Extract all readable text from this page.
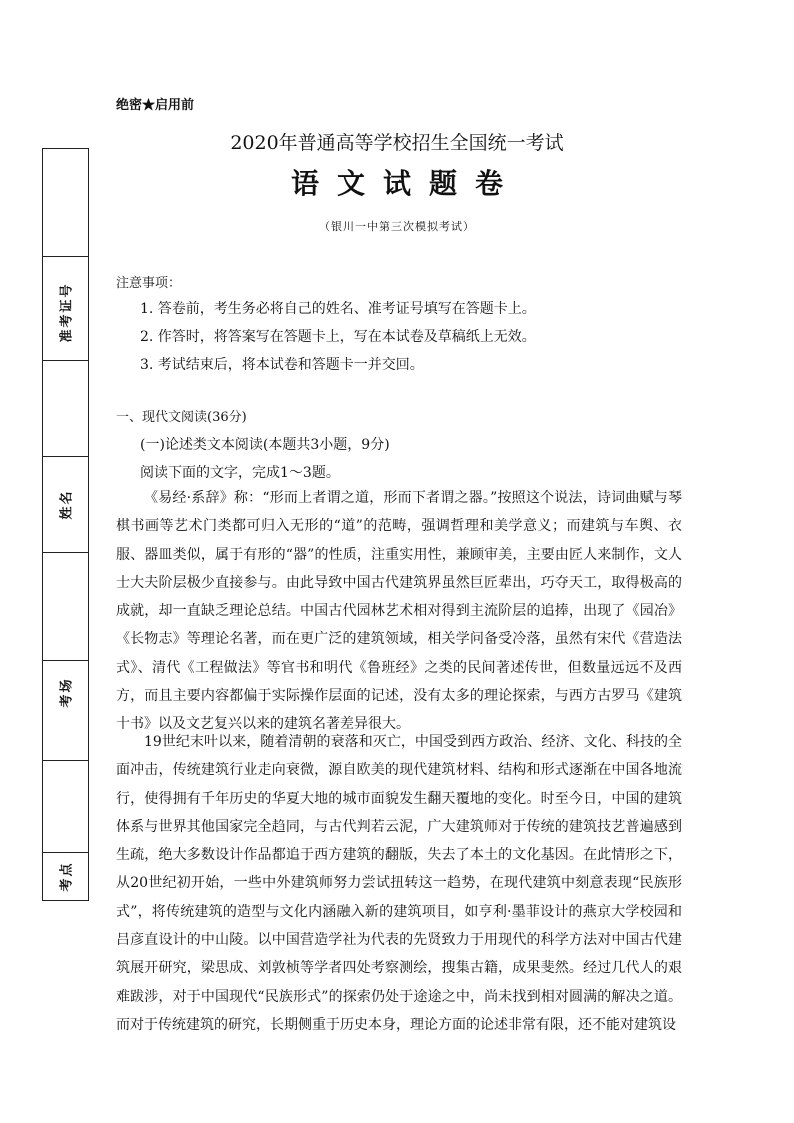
准考证号
姓名
考场
考点
绝密★启用前
2020年普通高等学校招生全国统一考试
语文试题卷
（银川一中第三次模拟考试）
注意事项：
1. 答卷前，考生务必将自己的姓名、准考证号填写在答题卡上。
2. 作答时，将答案写在答题卡上，写在本试卷及草稿纸上无效。
3. 考试结束后，将本试卷和答题卡一并交回。
一、现代文阅读(36分)
(一)论述类文本阅读(本题共3小题，9分)
阅读下面的文字，完成1～3题。

《易经·系辞》称：“形而上者谓之道，形而下者谓之器。”按照这个说法，诗词曲赋与琴棋书画等艺术门类都可归入无形的“道”的范畴，强调哲理和美学意义；而建筑与车舆、衣服、器皿类似，属于有形的“器”的性质，注重实用性，兼顾审美，主要由匠人来制作，文人士大夫阶层极少直接参与。由此导致中国古代建筑界虽然巨匠辈出，巧夺天工，取得极高的成就，却一直缺乏理论总结。中国古代园林艺术相对得到主流阶层的追捧，出现了《园冶》《长物志》等理论名著，而在更广泛的建筑领域，相关学问备受冷落，虽然有宋代《营造法式》、清代《工程做法》等官书和明代《鲁班经》之类的民间著述传世，但数量远远不及西方，而且主要内容都偏于实际操作层面的记述，没有太多的理论探索，与西方古罗马《建筑十书》以及文艺复兴以来的建筑名著差异很大。

19世纪末叶以来，随着清朝的衰落和灭亡，中国受到西方政治、经济、文化、科技的全面冲击，传统建筑行业走向衰微，源自欧美的现代建筑材料、结构和形式逐渐在中国各地流行，使得拥有千年历史的华夏大地的城市面貌发生翻天覆地的变化。时至今日，中国的建筑体系与世界其他国家完全趋同，与古代判若云泥，广大建筑师对于传统的建筑技艺普遍感到生疏，绝大多数设计作品都追于西方建筑的翻版，失去了本土的文化基因。在此情形之下，从20世纪初开始，一些中外建筑师努力尝试扭转这一趋势，在现代建筑中刻意表现“民族形式”，将传统建筑的造型与文化内涵融入新的建筑项目，如亨利·墨菲设计的燕京大学校园和吕彦直设计的中山陵。以中国营造学社为代表的先贤致力于用现代的科学方法对中国古代建筑展开研究，梁思成、刘敦桢等学者四处考察测绘，搜集古籍，成果斐然。经过几代人的艰难跋涉，对于中国现代“民族形式”的探索仍处于途途之中，尚未找到相对圆满的解决之道。而对于传统建筑的研究，长期侧重于历史本身，理论方面的论述非常有限，还不能对建筑设
